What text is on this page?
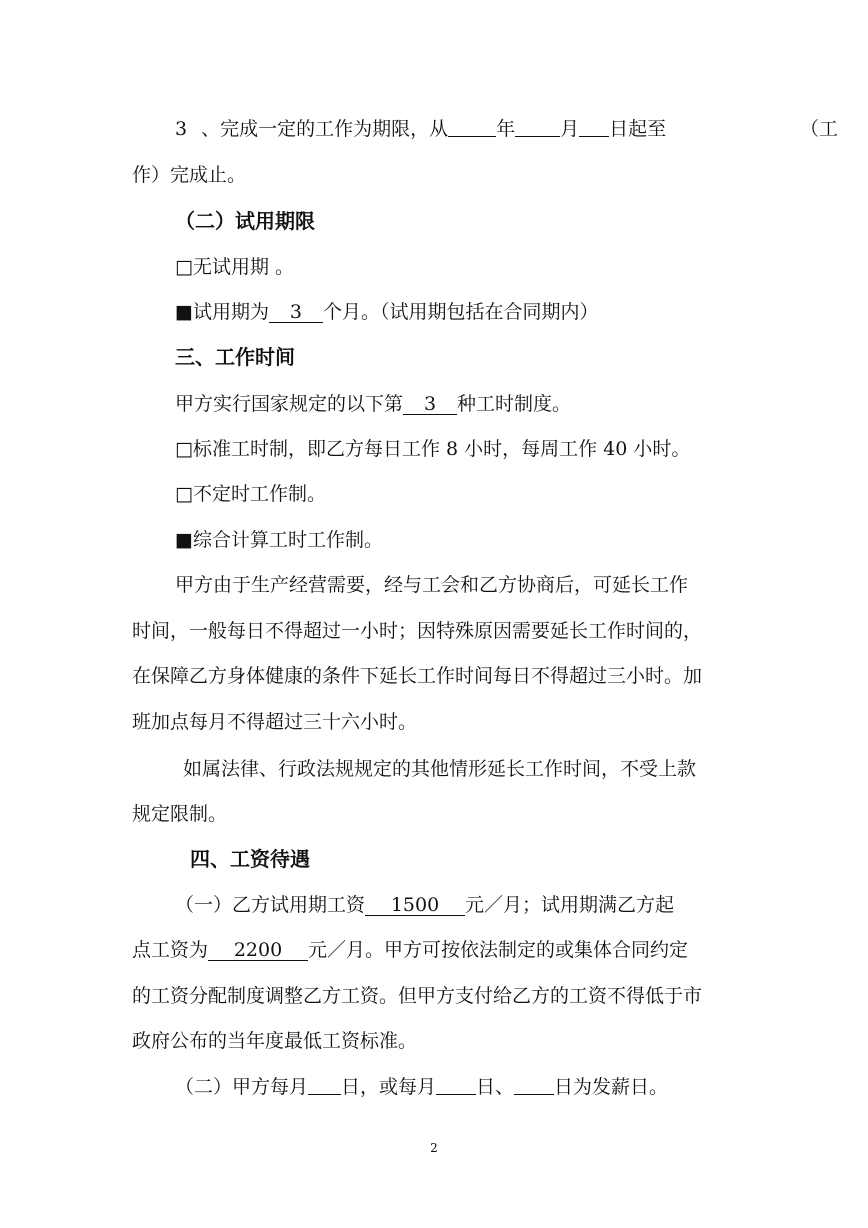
3 、完成一定的工作为期限，从	年 月 日起至	（工
作）完成止。
（二）试用期限
□无试用期 。
■试用期为 3 个月。（试用期包括在合同期内）
三、工作时间
甲方实行国家规定的以下第 3 种工时制度。
□标准工时制，即乙方每日工作 8 小时，每周工作 40 小时。
□不定时工作制。
■综合计算工时工作制。
甲方由于生产经营需要，经与工会和乙方协商后，可延长工作
时间，一般每日不得超过一小时；因特殊原因需要延长工作时间的，
在保障乙方身体健康的条件下延长工作时间每日不得超过三小时。加
班加点每月不得超过三十六小时。
如属法律、行政法规规定的其他情形延长工作时间，不受上款
规定限制。
四、工资待遇
（一）乙方试用期工资 1500 元／月；试用期满乙方起
点工资为 2200 元／月。甲方可按依法制定的或集体合同约定
的工资分配制度调整乙方工资。但甲方支付给乙方的工资不得低于市
政府公布的当年度最低工资标准。
（二）甲方每月 日，或每月 日、 日为发薪日。
2
